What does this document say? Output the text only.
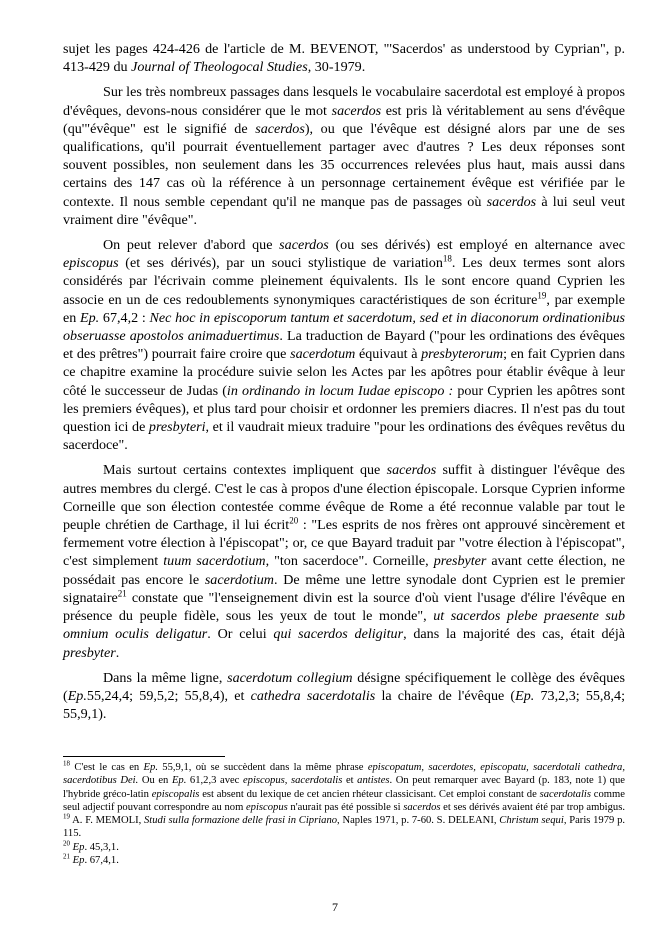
sujet les pages 424-426 de l'article de M. BEVENOT, "'Sacerdos' as understood by Cyprian", p. 413-429 du Journal of Theologocal Studies, 30-1979.

Sur les très nombreux passages dans lesquels le vocabulaire sacerdotal est employé à propos d'évêques, devons-nous considérer que le mot sacerdos est pris là véritablement au sens d'évêque (qu'"évêque" est le signifié de sacerdos), ou que l'évêque est désigné alors par une de ses qualifications, qu'il pourrait éventuellement partager avec d'autres ? Les deux réponses sont souvent possibles, non seulement dans les 35 occurrences relevées plus haut, mais aussi dans certains des 147 cas où la référence à un personnage certainement évêque est vérifiée par le contexte. Il nous semble cependant qu'il ne manque pas de passages où sacerdos à lui seul veut vraiment dire "évêque".

On peut relever d'abord que sacerdos (ou ses dérivés) est employé en alternance avec episcopus (et ses dérivés), par un souci stylistique de variation$^{18}$. Les deux termes sont alors considérés par l'écrivain comme pleinement équivalents. Ils le sont encore quand Cyprien les associe en un de ces redoublements synonymiques caractéristiques de son écriture$^{19}$, par exemple en Ep. 67,4,2 : Nec hoc in episcoporum tantum et sacerdotum, sed et in diaconorum ordinationibus obseruasse apostolos animaduertimus. La traduction de Bayard ("pour les ordinations des évêques et des prêtres") pourrait faire croire que sacerdotum équivaut à presbyterorum; en fait Cyprien dans ce chapitre examine la procédure suivie selon les Actes par les apôtres pour établir évêque à leur côté le successeur de Judas (in ordinando in locum Iudae episcopo : pour Cyprien les apôtres sont les premiers évêques), et plus tard pour choisir et ordonner les premiers diacres. Il n'est pas du tout question ici de presbyteri, et il vaudrait mieux traduire "pour les ordinations des évêques revêtus du sacerdoce".

Mais surtout certains contextes impliquent que sacerdos suffit à distinguer l'évêque des autres membres du clergé. C'est le cas à propos d'une élection épiscopale. Lorsque Cyprien informe Corneille que son élection contestée comme évêque de Rome a été reconnue valable par tout le peuple chrétien de Carthage, il lui écrit$^{20}$ : "Les esprits de nos frères ont approuvé sincèrement et fermement votre élection à l'épiscopat"; or, ce que Bayard traduit par "votre élection à l'épiscopat", c'est simplement tuum sacerdotium, "ton sacerdoce". Corneille, presbyter avant cette élection, ne possédait pas encore le sacerdotium. De même une lettre synodale dont Cyprien est le premier signataire$^{21}$ constate que "l'enseignement divin est la source d'où vient l'usage d'élire l'évêque en présence du peuple fidèle, sous les yeux de tout le monde", ut sacerdos plebe praesente sub omnium oculis deligatur. Or celui qui sacerdos deligitur, dans la majorité des cas, était déjà presbyter.

Dans la même ligne, sacerdotum collegium désigne spécifiquement le collège des évêques (Ep.55,24,4; 59,5,2; 55,8,4), et cathedra sacerdotalis la chaire de l'évêque (Ep. 73,2,3; 55,8,4; 55,9,1).

$^{18}$ C'est le cas en Ep. 55,9,1, où se succèdent dans la même phrase episcopatum, sacerdotes, episcopatu, sacerdotali cathedra, sacerdotibus Dei. Ou en Ep. 61,2,3 avec episcopus, sacerdotalis et antistes. On peut remarquer avec Bayard (p. 183, note 1) que l'hybride gréco-latin episcopalis est absent du lexique de cet ancien rhéteur classicisant. Cet emploi constant de sacerdotalis comme seul adjectif pouvant correspondre au nom episcopus n'aurait pas été possible si sacerdos et ses dérivés avaient été par trop ambigus.

$^{19}$ A. F. MEMOLI, Studi sulla formazione delle frasi in Cipriano, Naples 1971, p. 7-60. S. DELEANI, Christum sequi, Paris 1979 p. 115.

$^{20}$ Ep. 45,3,1.

$^{21}$ Ep. 67,4,1.

7
